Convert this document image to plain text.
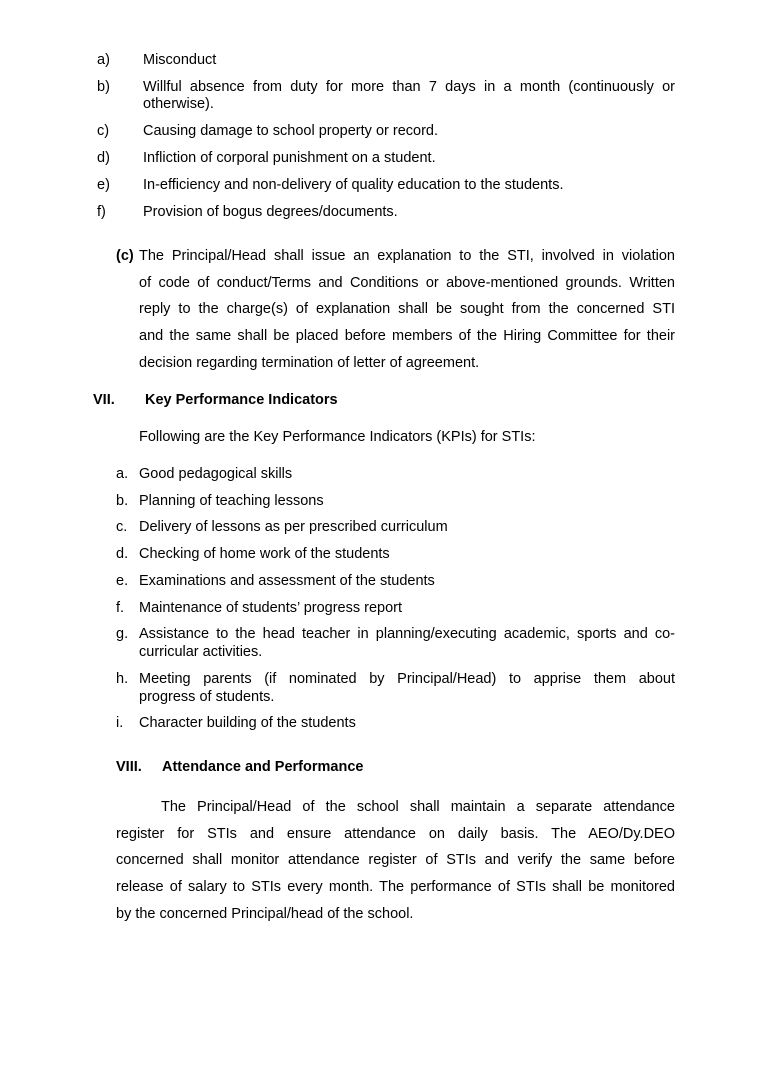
a) Misconduct
b) Willful absence from duty for more than 7 days in a month (continuously or
otherwise).
c) Causing damage to school property or record.
d) Infliction of corporal punishment on a student.
e) In-efficiency and non-delivery of quality education to the students.
f)	Provision of bogus degrees/documents.
(c) The Principal/Head shall issue an explanation to the STI, involved in violation
of code of conduct/Terms and Conditions or above-mentioned grounds. Written
reply to the charge(s) of explanation shall be sought from the concerned STI
and the same shall be placed before members of the Hiring Committee for their
decision regarding termination of letter of agreement.
VII. Key Performance Indicators
Following are the Key Performance Indicators (KPIs) for STIs:
a. Good pedagogical skills
b. Planning of teaching lessons
c. Delivery of lessons as per prescribed curriculum
d. Checking of home work of the students
e. Examinations and assessment of the students
f. Maintenance of students’ progress report
g. Assistance to the head teacher in planning/executing academic, sports and co-
curricular activities.
h. Meeting parents (if nominated by Principal/Head) to apprise them about
progress of students.
i. Character building of the students
VIII. Attendance and Performance
The Principal/Head of the school shall maintain a separate attendance
register for STIs and ensure attendance on daily basis. The AEO/Dy.DEO
concerned shall monitor attendance register of STIs and verify the same before
release of salary to STIs every month. The performance of STIs shall be monitored
by the concerned Principal/head of the school.
